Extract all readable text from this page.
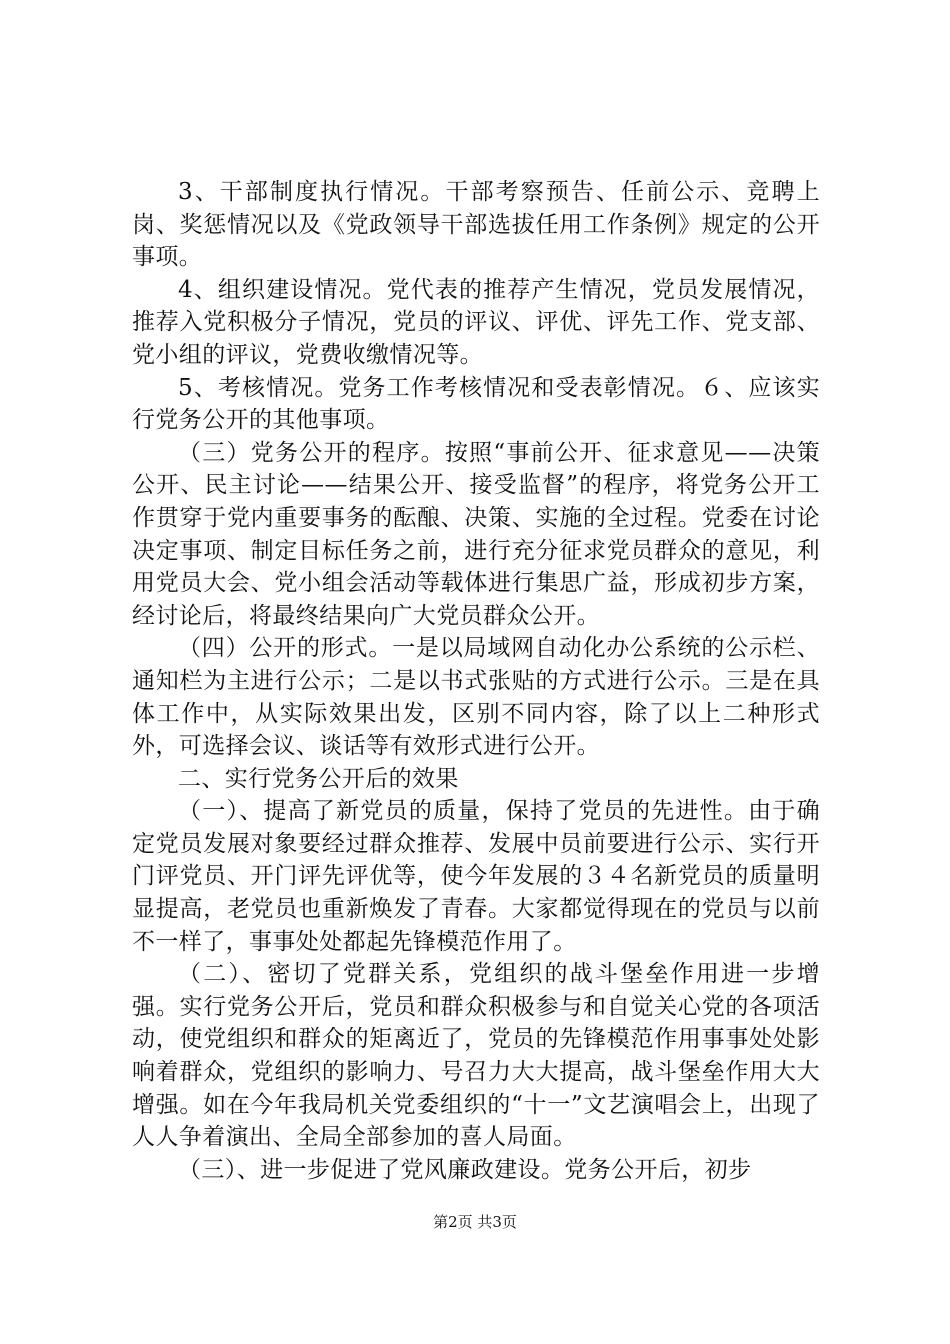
3、干部制度执行情况。干部考察预告、任前公示、竞聘上岗、奖惩情况以及《党政领导干部选拔任用工作条例》规定的公开事项。

4、组织建设情况。党代表的推荐产生情况，党员发展情况，推荐入党积极分子情况，党员的评议、评优、评先工作、党支部、党小组的评议，党费收缴情况等。

5、考核情况。党务工作考核情况和受表彰情况。６、应该实行党务公开的其他事项。

（三）党务公开的程序。按照“事前公开、征求意见——决策公开、民主讨论——结果公开、接受监督”的程序，将党务公开工作贯穿于党内重要事务的酝酿、决策、实施的全过程。党委在讨论决定事项、制定目标任务之前，进行充分征求党员群众的意见，利用党员大会、党小组会活动等载体进行集思广益，形成初步方案，经讨论后，将最终结果向广大党员群众公开。

（四）公开的形式。一是以局域网自动化办公系统的公示栏、通知栏为主进行公示；二是以书式张贴的方式进行公示。三是在具体工作中，从实际效果出发，区别不同内容，除了以上二种形式外，可选择会议、谈话等有效形式进行公开。

二、实行党务公开后的效果

（一）、提高了新党员的质量，保持了党员的先进性。由于确定党员发展对象要经过群众推荐、发展中员前要进行公示、实行开门评党员、开门评先评优等，使今年发展的３４名新党员的质量明显提高，老党员也重新焕发了青春。大家都觉得现在的党员与以前不一样了，事事处处都起先锋模范作用了。

（二）、密切了党群关系，党组织的战斗堡垒作用进一步增强。实行党务公开后，党员和群众积极参与和自觉关心党的各项活动，使党组织和群众的矩离近了，党员的先锋模范作用事事处处影响着群众，党组织的影响力、号召力大大提高，战斗堡垒作用大大增强。如在今年我局机关党委组织的“十一”文艺演唱会上，出现了人人争着演出、全局全部参加的喜人局面。

（三）、进一步促进了党风廉政建设。党务公开后，初步

第2页 共3页
